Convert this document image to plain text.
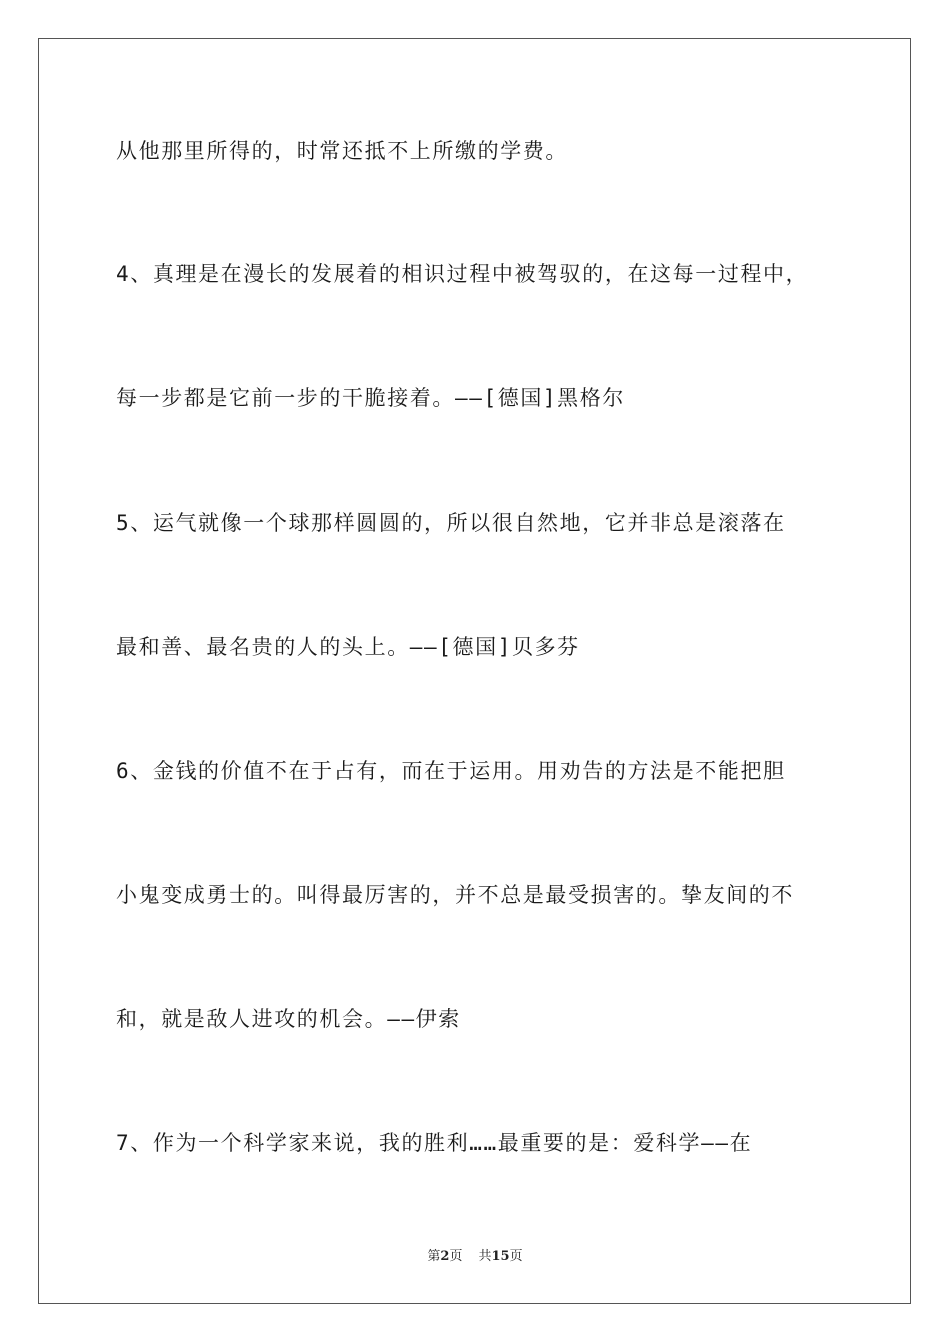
从他那里所得的，时常还抵不上所缴的学费。
4、真理是在漫长的发展着的相识过程中被驾驭的，在这每一过程中，
每一步都是它前一步的干脆接着。——[德国]黑格尔
5、运气就像一个球那样圆圆的，所以很自然地，它并非总是滚落在
最和善、最名贵的人的头上。——[德国]贝多芬
6、金钱的价值不在于占有，而在于运用。用劝告的方法是不能把胆
小鬼变成勇士的。叫得最厉害的，并不总是最受损害的。挚友间的不
和，就是敌人进攻的机会。——伊索
7、作为一个科学家来说，我的胜利……最重要的是：爱科学——在
第2页 共15页
